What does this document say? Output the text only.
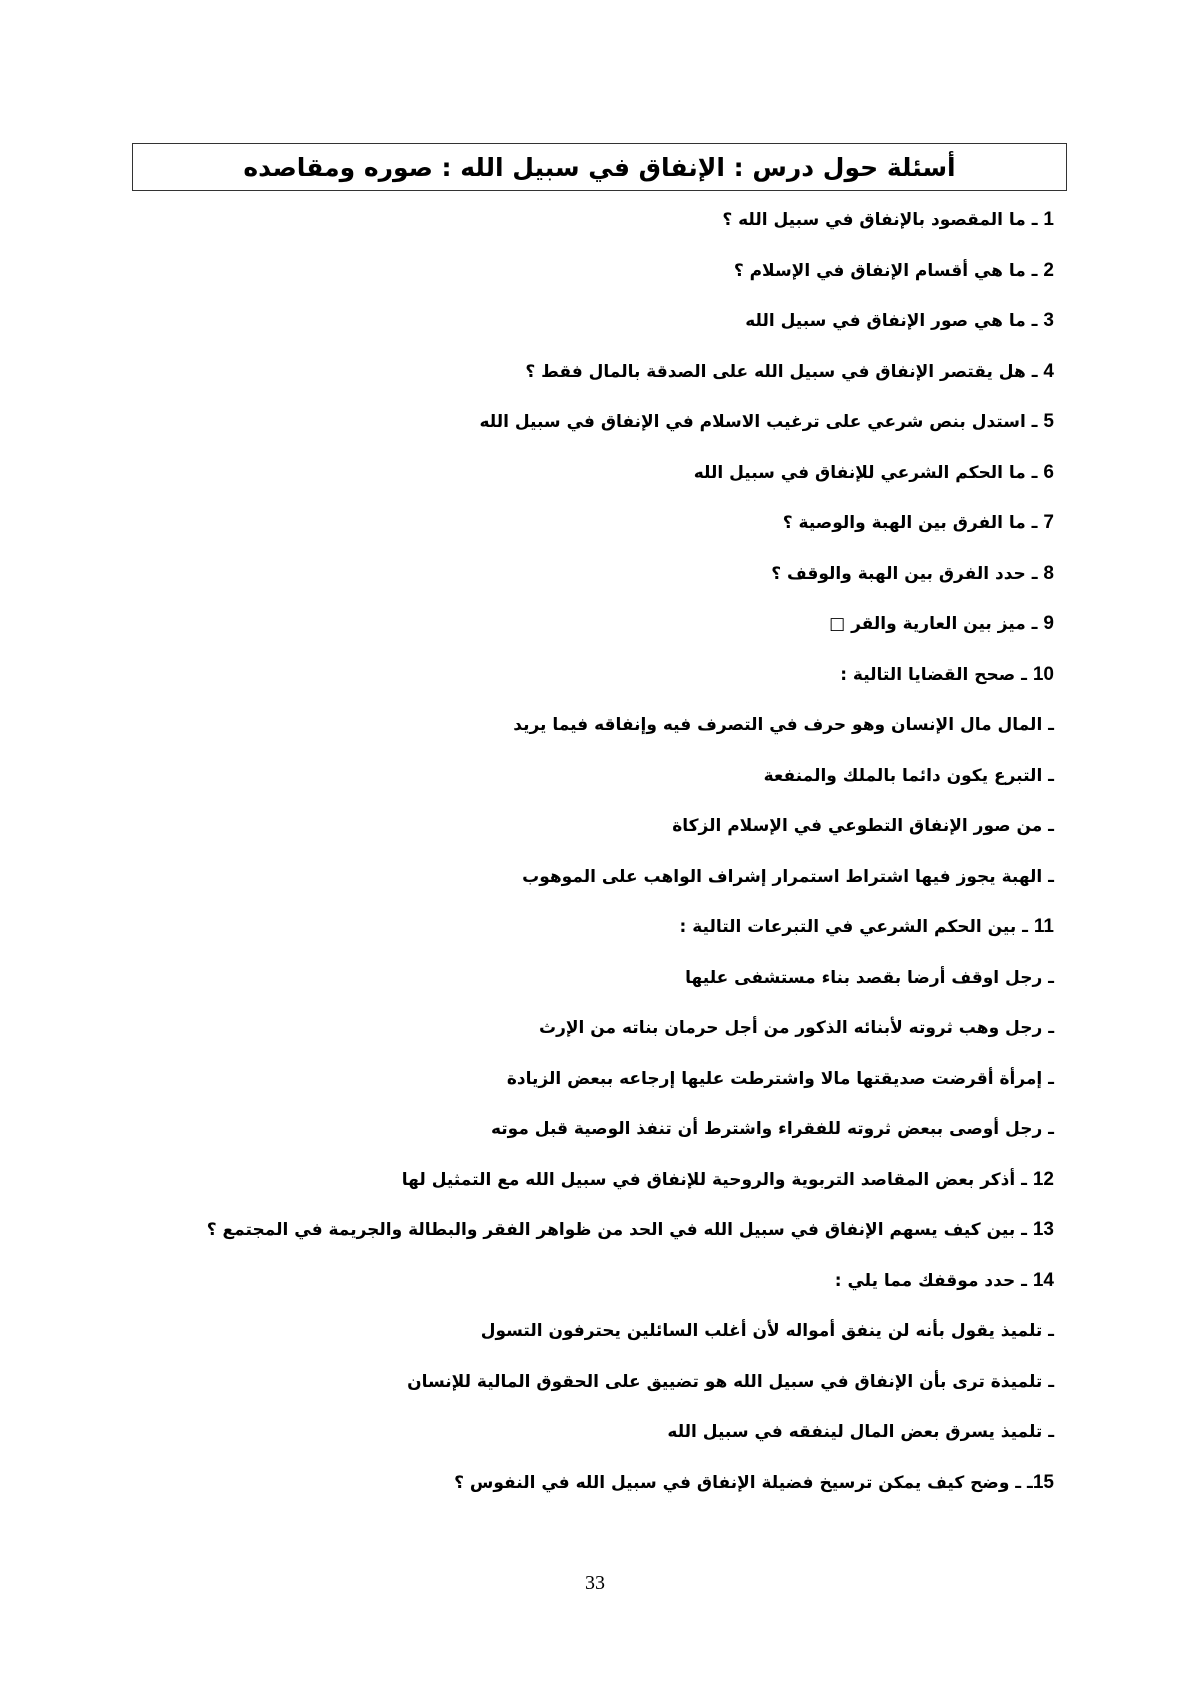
أسئلة حول درس : الإنفاق في سبيل الله : صوره ومقاصده
1 ـ ما المقصود بالإنفاق في سبيل الله ؟
2 ـ ما هي أقسام الإنفاق في الإسلام ؟
3 ـ ما هي صور الإنفاق في سبيل الله
4 ـ هل يقتصر الإنفاق في سبيل الله على الصدقة بالمال فقط ؟
5 ـ استدل بنص شرعي على ترغيب الاسلام في الإنفاق في سبيل الله
6 ـ ما الحكم الشرعي للإنفاق في سبيل الله
7 ـ ما الفرق بين الهبة والوصية ؟
8 ـ حدد الفرق بين الهبة والوقف ؟
9 ـ ميز بين العارية والقر □
10 ـ صحح القضايا التالية :
ـ المال مال الإنسان وهو حرف في التصرف فيه وإنفاقه فيما يريد
ـ التبرع يكون دائما بالملك والمنفعة
ـ من صور الإنفاق التطوعي في الإسلام الزكاة
ـ الهبة يجوز فيها اشتراط استمرار إشراف الواهب على الموهوب
11 ـ بين الحكم الشرعي في التبرعات التالية :
ـ رجل اوقف أرضا بقصد بناء مستشفى عليها
ـ رجل وهب ثروته لأبنائه الذكور من أجل حرمان بناته من الإرث
ـ إمرأة أقرضت صديقتها مالا واشترطت عليها إرجاعه ببعض الزيادة
ـ رجل أوصى ببعض ثروته للفقراء واشترط أن تنفذ الوصية قبل موته
12 ـ أذكر بعض المقاصد التربوية والروحية للإنفاق في سبيل الله مع التمثيل لها
13 ـ بين كيف يسهم الإنفاق في سبيل الله في الحد من ظواهر الفقر والبطالة والجريمة في المجتمع ؟
14 ـ حدد موقفك مما يلي :
ـ تلميذ يقول بأنه لن ينفق أمواله لأن أغلب السائلين يحترفون التسول
ـ تلميذة ترى بأن الإنفاق في سبيل الله هو تضييق على الحقوق المالية للإنسان
ـ تلميذ يسرق بعض المال لينفقه في سبيل الله
15ـ ـ وضح كيف يمكن ترسيخ فضيلة الإنفاق في سبيل الله في النفوس ؟
33
